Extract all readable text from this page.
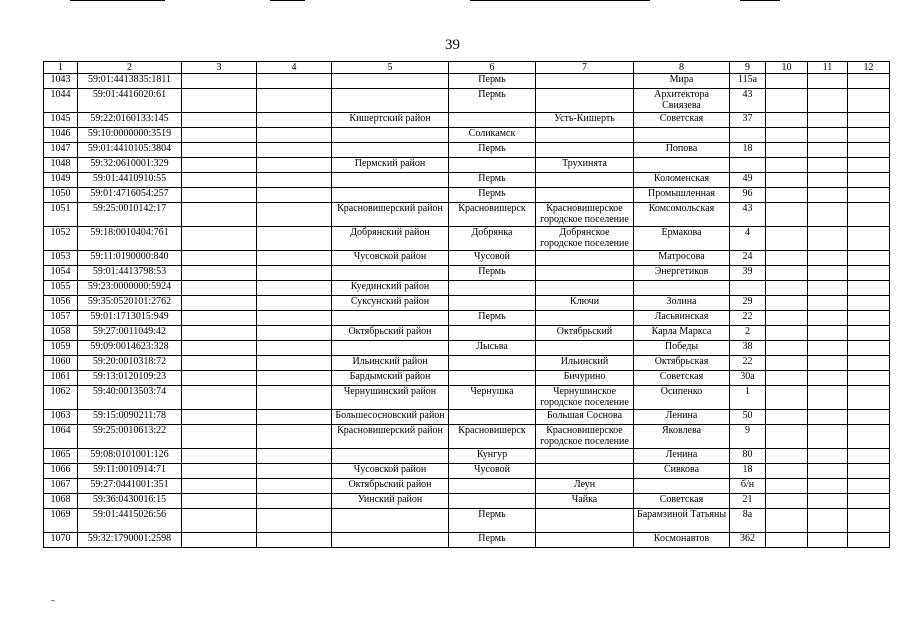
39
1	2	3	4	5	6	7	8	9	10	11	12
1043	59:01:4413835:1811				Пермь		Мира	115а			
1044	59:01:4416020:61				Пермь		Архитектора Свиязева	43			
1045	59:22:0160133:145			Кишертский район		Усть-Кишерть	Советская	37			
1046	59:10:0000000:3519				Соликамск						
1047	59:01:4410105:3804				Пермь		Попова	18			
1048	59:32:0610001:329			Пермский район		Трухинята					
1049	59:01:4410910:55				Пермь		Коломенская	49			
1050	59:01:4716054:257				Пермь		Промышленная	96			
1051	59:25:0010142:17			Красновишерский район	Красновишерск	Красновишерское городское поселение	Комсомольская	43			
1052	59:18:0010404:761			Добрянский район	Добрянка	Добрянское городское поселение	Ермакова	4			
1053	59:11:0190000:840			Чусовской район	Чусовой		Матросова	24			
1054	59:01:4413798:53				Пермь		Энергетиков	39			
1055	59:23:0000000:5924			Куединский район							
1056	59:35:0520101:2762			Суксунский район		Ключи	Золина	29			
1057	59:01:1713015:949				Пермь		Ласьвинская	22			
1058	59:27:0011049:42			Октябрьский район		Октябрьский	Карла Маркса	2			
1059	59:09:0014623:328				Лысьва		Победы	38			
1060	59:20:0010318:72			Ильинский район		Ильинский	Октябрьская	22			
1061	59:13:0120109:23			Бардымский район		Бичурино	Советская	30а			
1062	59:40:0013503:74			Чернушинский район	Чернушка	Чернушинское городское поселение	Осипенко	1			
1063	59:15:0090211:78			Большесосновский район		Большая Соснова	Ленина	50			
1064	59:25:0010613:22			Красновишерский район	Красновишерск	Красновишерское городское поселение	Яковлева	9			
1065	59:08:0101001:126				Кунгур		Ленина	80			
1066	59:11:0010914:71			Чусовской район	Чусовой		Сивкова	18			
1067	59:27:0441001:351			Октябрьский район		Леун		б/н			
1068	59:36:0430016:15			Уинский район		Чайка	Советская	21			
1069	59:01:4415026:56				Пермь		Барамзиной Татьяны	8а			
1070	59:32:1790001:2598				Пермь		Космонавтов	362			
